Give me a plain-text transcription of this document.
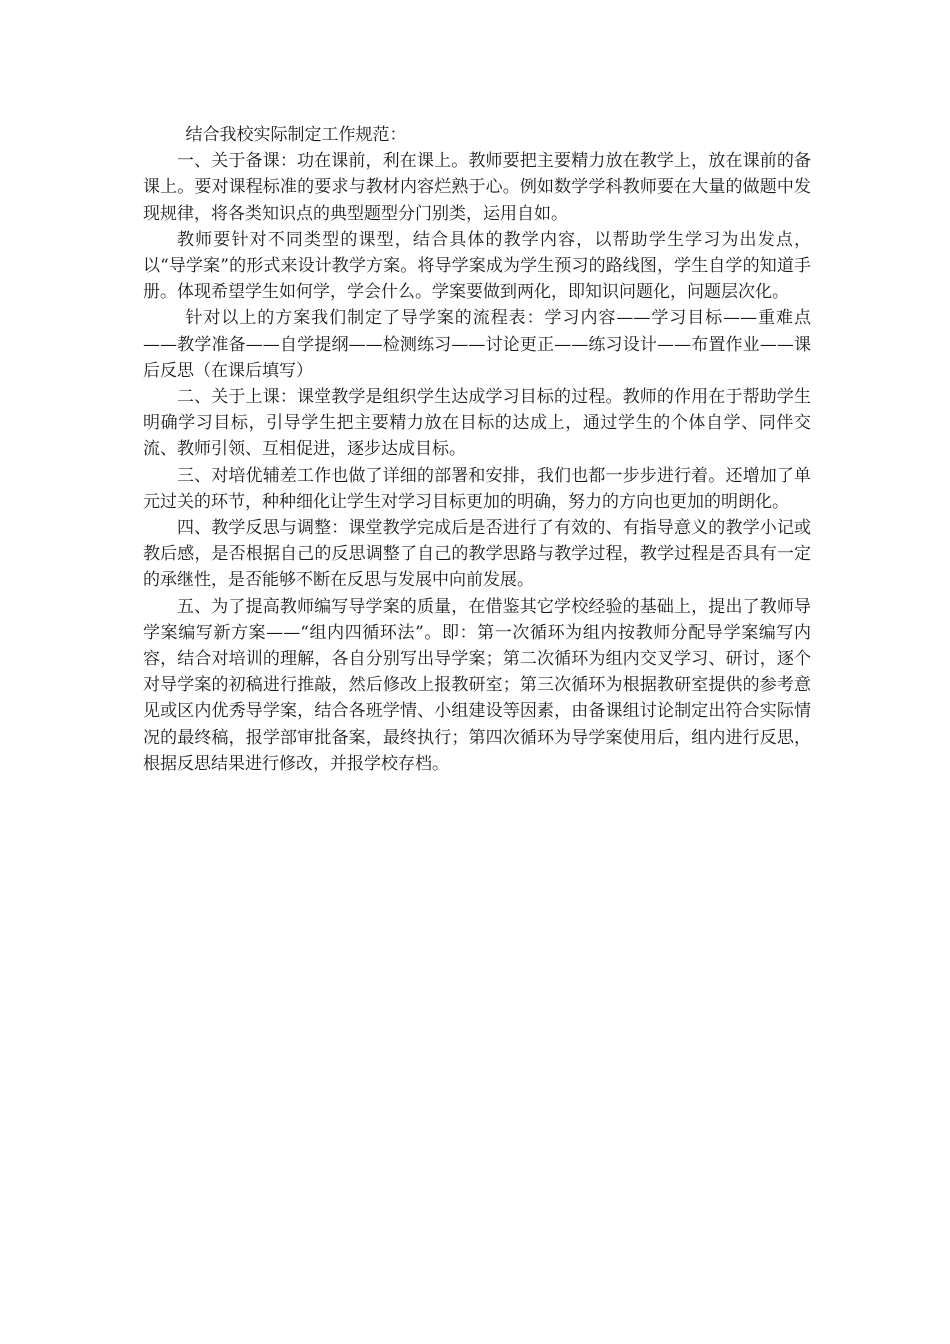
结合我校实际制定工作规范：

一、关于备课：功在课前，利在课上。教师要把主要精力放在教学上，放在课前的备课上。要对课程标准的要求与教材内容烂熟于心。例如数学学科教师要在大量的做题中发现规律，将各类知识点的典型题型分门别类，运用自如。

教师要针对不同类型的课型，结合具体的教学内容，以帮助学生学习为出发点，以“导学案”的形式来设计教学方案。将导学案成为学生预习的路线图，学生自学的知道手册。体现希望学生如何学，学会什么。学案要做到两化，即知识问题化，问题层次化。

针对以上的方案我们制定了导学案的流程表：学习内容——学习目标——重难点——教学准备——自学提纲——检测练习——讨论更正——练习设计——布置作业——课后反思（在课后填写）

二、关于上课：课堂教学是组织学生达成学习目标的过程。教师的作用在于帮助学生明确学习目标，引导学生把主要精力放在目标的达成上，通过学生的个体自学、同伴交流、教师引领、互相促进，逐步达成目标。

三、对培优辅差工作也做了详细的部署和安排，我们也都一步步进行着。还增加了单元过关的环节，种种细化让学生对学习目标更加的明确，努力的方向也更加的明朗化。

四、教学反思与调整：课堂教学完成后是否进行了有效的、有指导意义的教学小记或教后感，是否根据自己的反思调整了自己的教学思路与教学过程，教学过程是否具有一定的承继性，是否能够不断在反思与发展中向前发展。

五、为了提高教师编写导学案的质量，在借鉴其它学校经验的基础上，提出了教师导学案编写新方案——“组内四循环法”。即：第一次循环为组内按教师分配导学案编写内容，结合对培训的理解，各自分别写出导学案；第二次循环为组内交叉学习、研讨，逐个对导学案的初稿进行推敲，然后修改上报教研室；第三次循环为根据教研室提供的参考意见或区内优秀导学案，结合各班学情、小组建设等因素，由备课组讨论制定出符合实际情况的最终稿，报学部审批备案，最终执行；第四次循环为导学案使用后，组内进行反思，根据反思结果进行修改，并报学校存档。
